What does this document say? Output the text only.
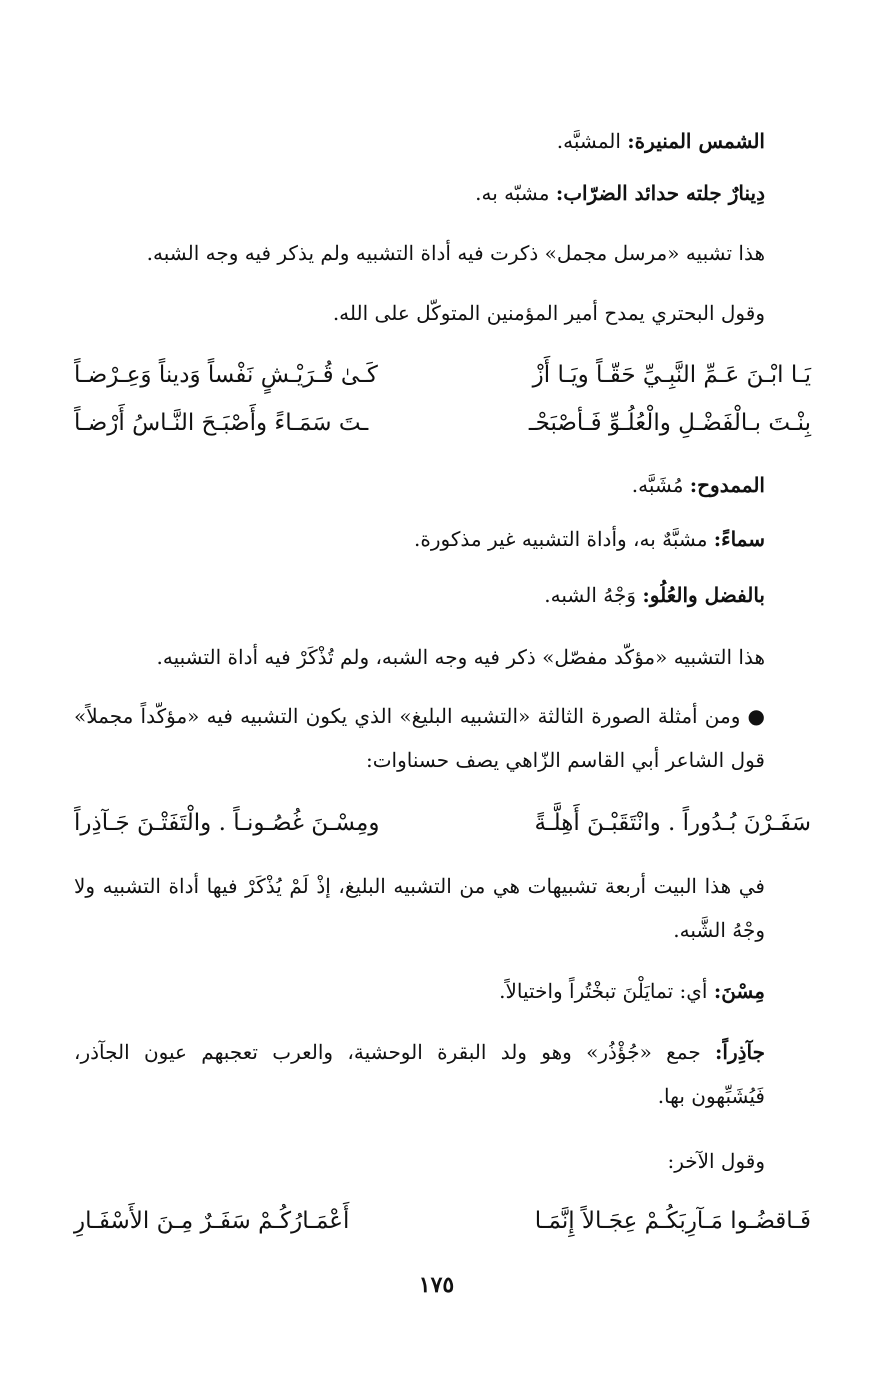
الشمس المنيرة: المشبَّه.
دِينارٌ جلته حدائد الضرّاب: مشبّه به.
هذا تشبيه «مرسل مجمل» ذكرت فيه أداة التشبيه ولم يذكر فيه وجه الشبه.
وقول البحتري يمدح أمير المؤمنين المتوكّل على الله.
يَـا ابْـنَ عَـمِّ النَّبِـيِّ حَقّـاً ويَـا أَزْ
كَـىٰ قُـرَيْـشٍ نَفْساً وَديناً وَعِـرْضـاً
بِنْـتَ بـالْفَضْـلِ والْعُلُـوِّ فَـأصْبَحْـ
ـتَ سَمَـاءً وأَصْبَـحَ النَّـاسُ أَرْضـاً
الممدوح: مُشَبَّه.
سماءً: مشبَّهٌ به، وأداة التشبيه غير مذكورة.
بالفضل والعُلُو: وَجْهُ الشبه.
هذا التشبيه «مؤكّد مفصّل» ذكر فيه وجه الشبه، ولم تُذْكَرْ فيه أداة التشبيه.
● ومن أمثلة الصورة الثالثة «التشبيه البليغ» الذي يكون التشبيه فيه «مؤكّداً مجملاً» قول الشاعر أبي القاسم الزّاهي يصف حسناوات:
سَفَـرْنَ بُـدُوراً . وانْتَقَبْـنَ أَهِلَّـةً
ومِسْـنَ غُصُـونـاً . والْتَفَتْـنَ جَـآذِراً
في هذا البيت أربعة تشبيهات هي من التشبيه البليغ، إذْ لَمْ يُذْكَرْ فيها أداة التشبيه ولا وجْهُ الشَّبه.
مِسْنَ: أي: تمايَلْنَ تبخْتُراً واختيالاً.
جآذِراً: جمع «جُؤْذُر» وهو ولد البقرة الوحشية، والعرب تعجبهم عيون الجآذر، فَيُشَبِّهون بها.
وقول الآخر:
فَـاقضُـوا مَـآرِبَكُـمْ عِجَـالاً إِنَّمَـا
أَعْمَـارُكُـمْ سَفَـرٌ مِـنَ الأَسْفَـارِ
١٧٥
